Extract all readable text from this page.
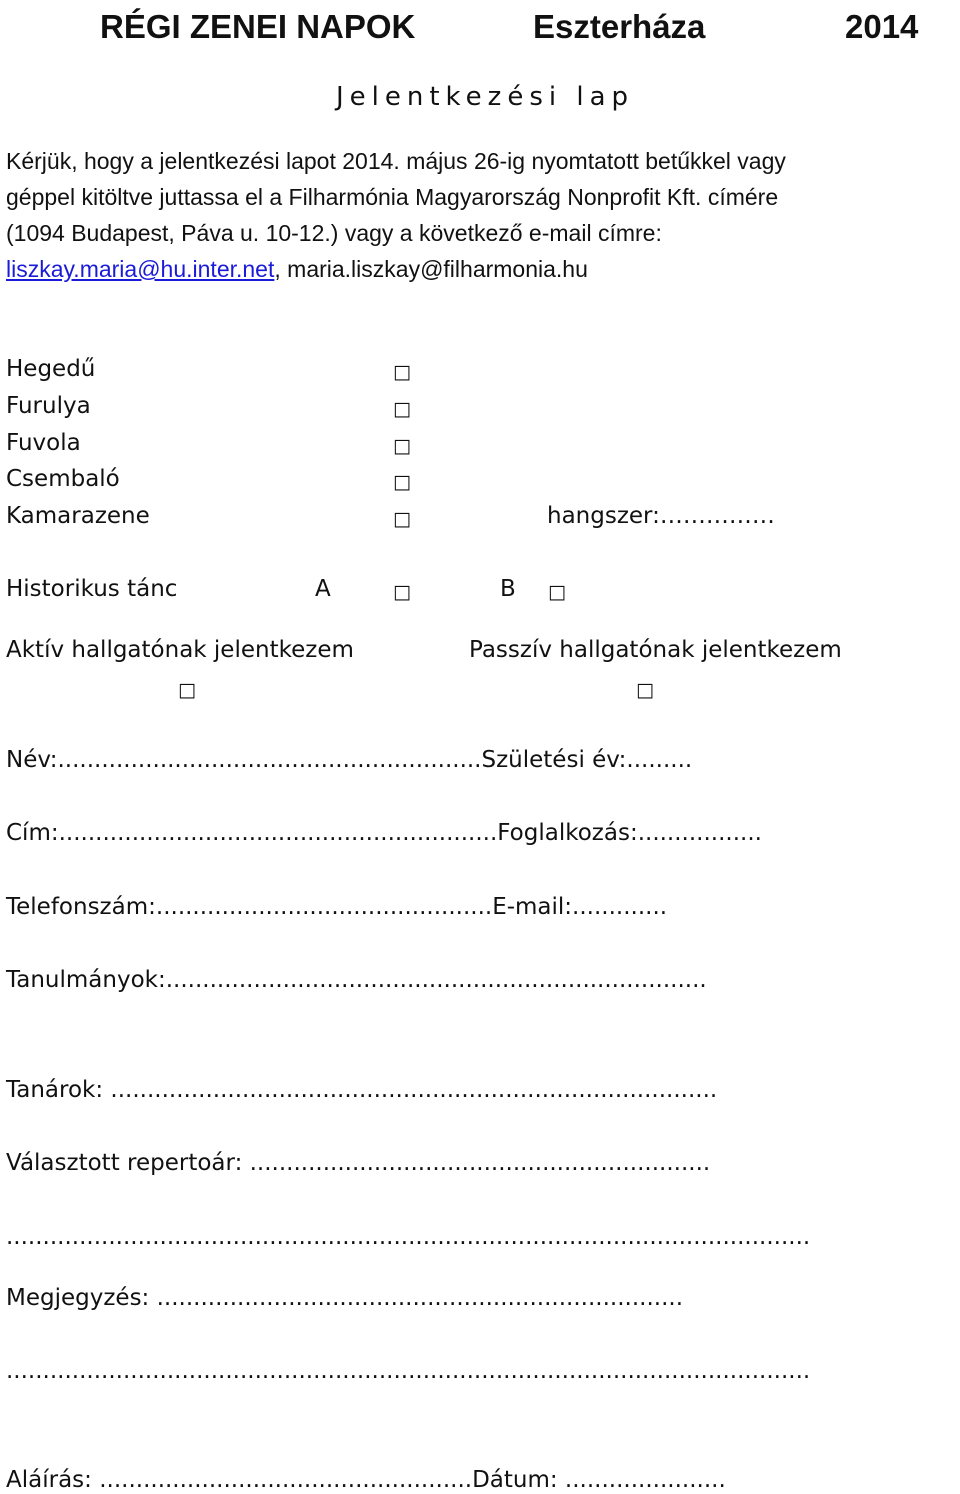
RÉGI ZENEI NAPOK	Eszterháza	2014
Jelentkezési lap
Kérjük, hogy a jelentkezési lapot 2014. május 26-ig nyomtatott betűkkel vagy
géppel kitöltve juttassa el a Filharmónia Magyarország Nonprofit Kft. címére
(1094 Budapest, Páva u. 10-12.) vagy a következő e-mail címre:
liszkay.maria@hu.inter.net, maria.liszkay@filharmonia.hu
Hegedű	□
Furulya	□
Fuvola	□
Csembaló	□
Kamarazene	□	hangszer:……………
Historikus tánc	A	□	B □
Aktív hallgatónak jelentkezem	Passzív hallgatónak jelentkezem
□	□
Név:..........................................................Születési év:.........
Cím:............................................................Foglalkozás:.................
Telefonszám:..............................................E-mail:.............
Tanulmányok:..........................................................................
Tanárok: ...................................................................................
Választott repertoár: ...............................................................
..............................................................................................................
Megjegyzés: ........................................................................
..............................................................................................................
Aláírás: ...................................................Dátum: ......................
